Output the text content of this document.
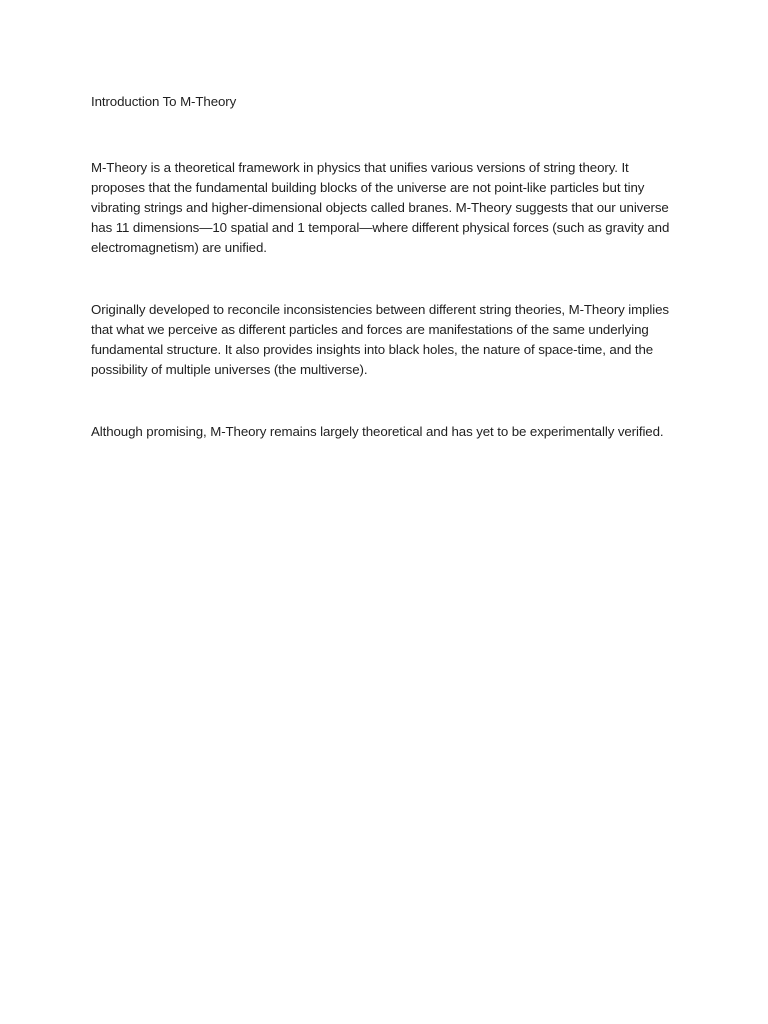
Introduction To M-Theory

M-Theory is a theoretical framework in physics that unifies various versions of string theory. It proposes that the fundamental building blocks of the universe are not point-like particles but tiny vibrating strings and higher-dimensional objects called branes. M-Theory suggests that our universe has 11 dimensions—10 spatial and 1 temporal—where different physical forces (such as gravity and electromagnetism) are unified.

Originally developed to reconcile inconsistencies between different string theories, M-Theory implies that what we perceive as different particles and forces are manifestations of the same underlying fundamental structure. It also provides insights into black holes, the nature of space-time, and the possibility of multiple universes (the multiverse).

Although promising, M-Theory remains largely theoretical and has yet to be experimentally verified.
